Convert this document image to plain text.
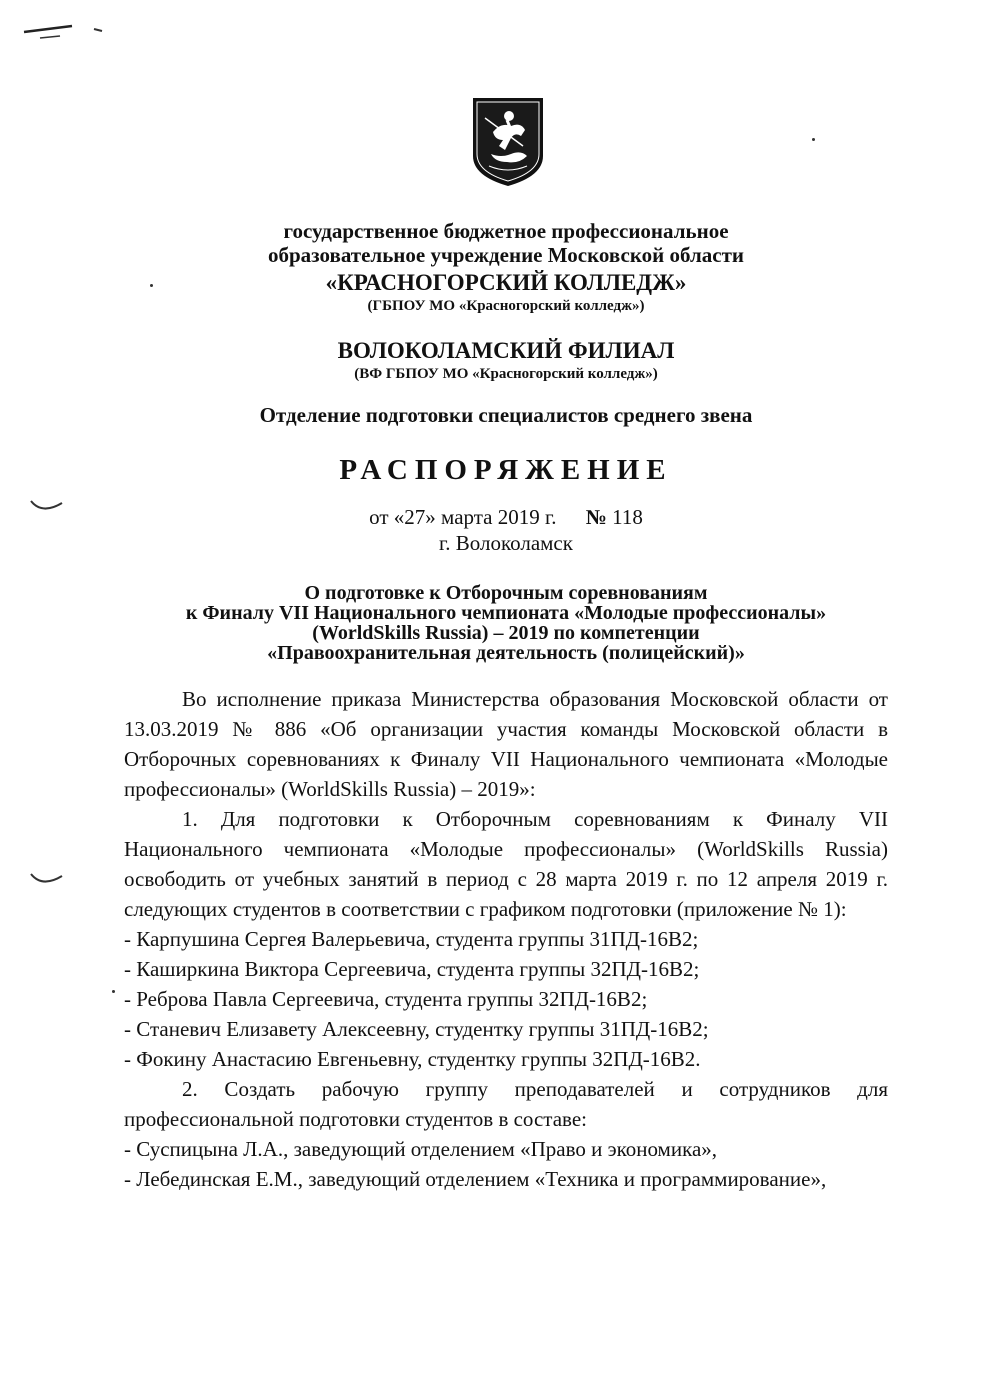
государственное бюджетное профессиональное
образовательное учреждение Московской области
«КРАСНОГОРСКИЙ КОЛЛЕДЖ»
(ГБПОУ МО «Красногорский колледж»)
ВОЛОКОЛАМСКИЙ ФИЛИАЛ
(ВФ ГБПОУ МО «Красногорский колледж»)
Отделение подготовки специалистов среднего звена
РАСПОРЯЖЕНИЕ
от «27» марта 2019 г. № 118
г. Волоколамск
О подготовке к Отборочным соревнованиям
к Финалу VII Национального чемпионата «Молодые профессионалы»
(WorldSkills Russia) – 2019 по компетенции
«Правоохранительная деятельность (полицейский)»

Во исполнение приказа Министерства образования Московской области от 13.03.2019 № 886 «Об организации участия команды Московской области в Отборочных соревнованиях к Финалу VII Национального чемпионата «Молодые профессионалы» (WorldSkills Russia) – 2019»:

1. Для подготовки к Отборочным соревнованиям к Финалу VII Национального чемпионата «Молодые профессионалы» (WorldSkills Russia) освободить от учебных занятий в период с 28 марта 2019 г. по 12 апреля 2019 г. следующих студентов в соответствии с графиком подготовки (приложение № 1):

- Карпушина Сергея Валерьевича, студента группы 31ПД-16В2;

- Каширкина Виктора Сергеевича, студента группы 32ПД-16В2;

- Реброва Павла Сергеевича, студента группы 32ПД-16В2;

- Станевич Елизавету Алексеевну, студентку группы 31ПД-16В2;

- Фокину Анастасию Евгеньевну, студентку группы 32ПД-16В2.

2. Создать рабочую группу преподавателей и сотрудников для профессиональной подготовки студентов в составе:

- Суспицына Л.А., заведующий отделением «Право и экономика»,

- Лебединская Е.М., заведующий отделением «Техника и программирование»,
